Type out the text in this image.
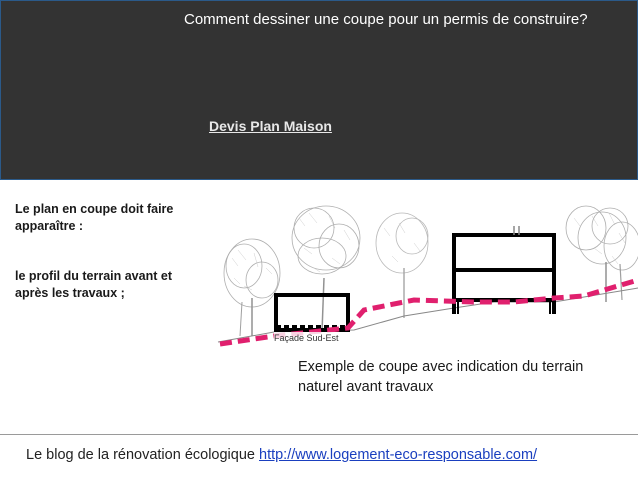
Comment dessiner une coupe pour un permis de construire?
Devis Plan Maison
Le plan en coupe doit faire apparaître :
le profil du terrain avant et après les travaux ;
Façade Sud-Est
Exemple de coupe avec indication du terrain naturel avant travaux
Le blog de la rénovation écologique http://www.logement-eco-responsable.com/
